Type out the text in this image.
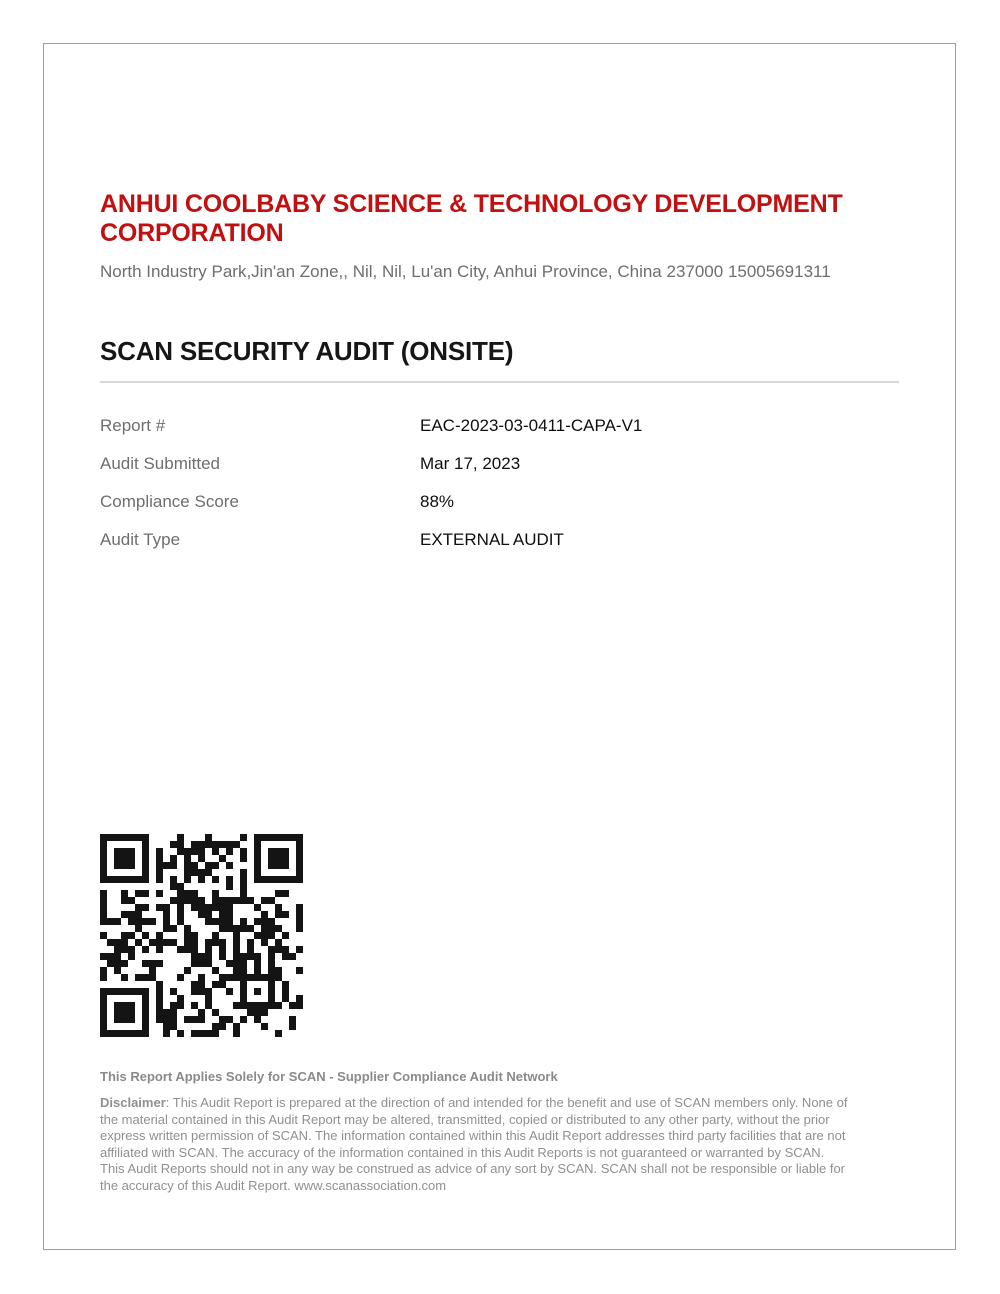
ANHUI COOLBABY SCIENCE & TECHNOLOGY DEVELOPMENT CORPORATION

North Industry Park,Jin'an Zone,, Nil, Nil, Lu'an City, Anhui Province, China 237000 15005691311

SCAN SECURITY AUDIT (ONSITE)
Report #	EAC-2023-03-0411-CAPA-V1
Audit Submitted	Mar 17, 2023
Compliance Score	88%
Audit Type	EXTERNAL AUDIT

This Report Applies Solely for SCAN - Supplier Compliance Audit Network

Disclaimer: This Audit Report is prepared at the direction of and intended for the benefit and use of SCAN members only. None of the material contained in this Audit Report may be altered, transmitted, copied or distributed to any other party, without the prior express written permission of SCAN. The information contained within this Audit Report addresses third party facilities that are not affiliated with SCAN. The accuracy of the information contained in this Audit Reports is not guaranteed or warranted by SCAN. This Audit Reports should not in any way be construed as advice of any sort by SCAN. SCAN shall not be responsible or liable for the accuracy of this Audit Report. www.scanassociation.com
